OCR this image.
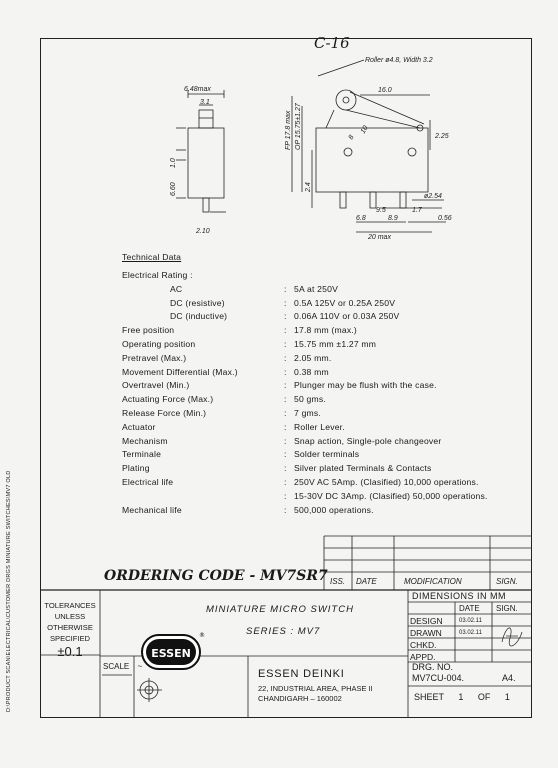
C-16
Roller ø4.8, Width 3.2
6.48max
3.1
2.10
16.0
2.25
ø2.54
1.7
9.5
6.8	8.9	0.56
20 max
1.0
6.60
FP 17.8 max OP 15.75±1.27
2.4
8
10
Technical Data
Electrical Rating :
AC	: 5A at 250V
DC (resistive)	: 0.5A 125V or 0.25A 250V
DC (inductive)	: 0.06A 110V or 0.03A 250V
Free position	: 17.8 mm (max.)
Operating position	: 15.75 mm ±1.27 mm
Pretravel (Max.)	: 2.05 mm.
Movement Differential (Max.)	: 0.38 mm
Overtravel (Min.)	: Plunger may be flush with the case.
Actuating Force (Max.)	: 50 gms.
Release Force (Min.)	: 7 gms.
Actuator	: Roller Lever.
Mechanism	: Snap action, Single-pole changeover
Terminale	: Solder terminals
Plating	: Silver plated Terminals & Contacts
Electrical life	: 250V AC 5Amp. (Clasified) 10,000 operations.
: 15-30V DC 3Amp. (Clasified) 50,000 operations.
Mechanical life	: 500,000 operations.
ORDERING CODE - MV7SR7 ISS. DATE	MODIFICATION	SIGN.
TOLERANCES
UNLESS
OTHERWISE
SPECIFIED
±0.1
MINIATURE MICRO SWITCH
SERIES : MV7
DIMENSIONS IN MM
DATE SIGN.
DESIGN	03.02.11
DRAWN	03.02.11
CHKD.
APPD.
SCALE ~
ESSEN
®
ESSEN DEINKI
22, INDUSTRIAL AREA, PHASE II
CHANDIGARH – 160002
DRG. NO.
MV7CU-004.	A4.
SHEET 1 OF 1
D:\PRODUCT SCAN\ELECTRICAL\CUSTOMER DRGS MINIATURE SWITCHES\MV7 OLD
